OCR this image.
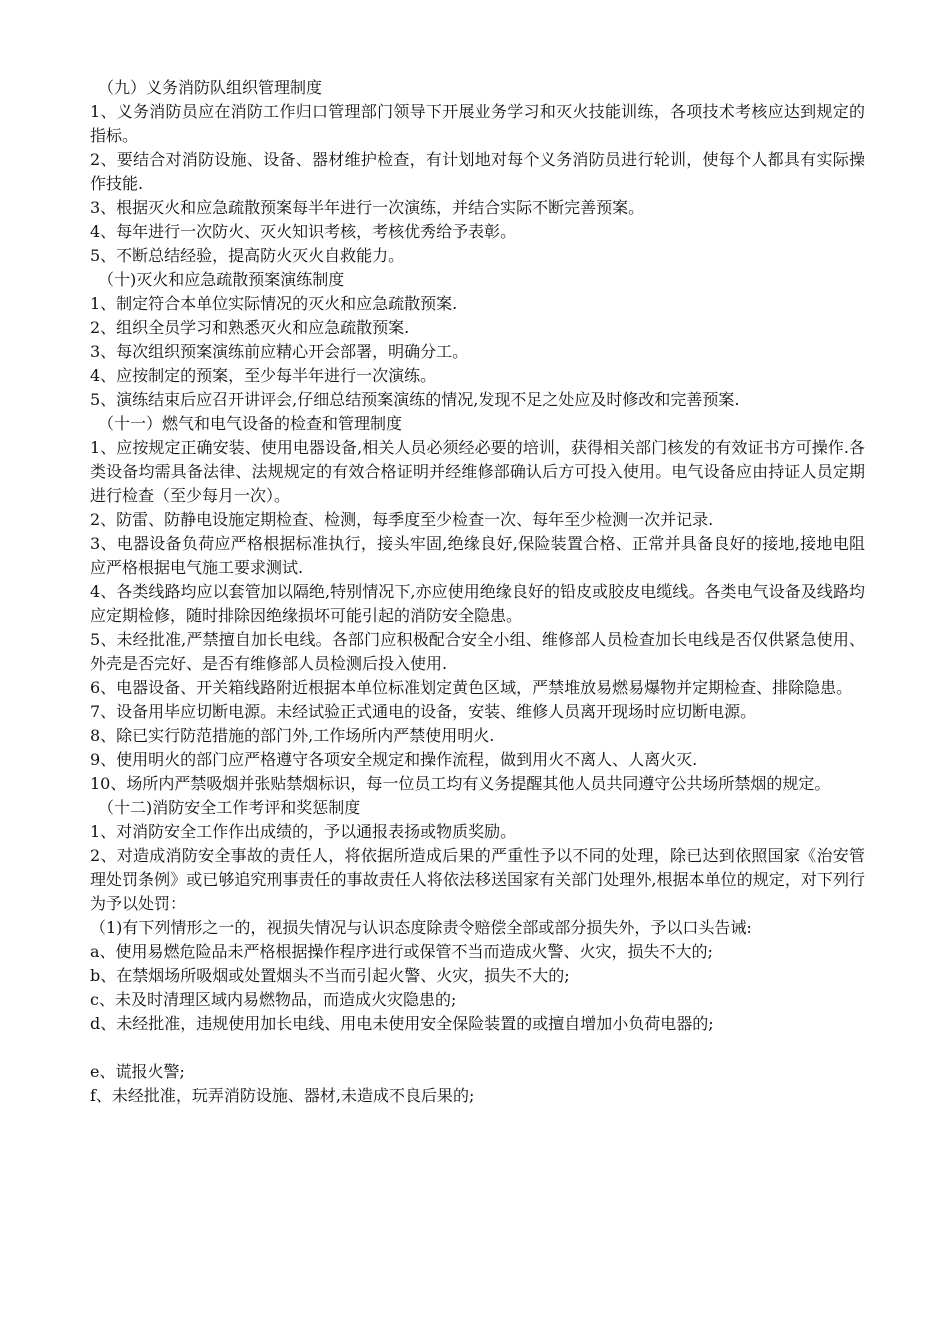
（九）义务消防队组织管理制度

1、义务消防员应在消防工作归口管理部门领导下开展业务学习和灭火技能训练，各项技术考核应达到规定的指标。

2、要结合对消防设施、设备、器材维护检查，有计划地对每个义务消防员进行轮训，使每个人都具有实际操作技能.

3、根据灭火和应急疏散预案每半年进行一次演练，并结合实际不断完善预案。

4、每年进行一次防火、灭火知识考核，考核优秀给予表彰。

5、不断总结经验，提高防火灭火自救能力。

（十)灭火和应急疏散预案演练制度

1、制定符合本单位实际情况的灭火和应急疏散预案.

2、组织全员学习和熟悉灭火和应急疏散预案.

3、每次组织预案演练前应精心开会部署，明确分工。

4、应按制定的预案，至少每半年进行一次演练。

5、演练结束后应召开讲评会,仔细总结预案演练的情况,发现不足之处应及时修改和完善预案.

（十一）燃气和电气设备的检查和管理制度

1、应按规定正确安装、使用电器设备,相关人员必须经必要的培训，获得相关部门核发的有效证书方可操作.各类设备均需具备法律、法规规定的有效合格证明并经维修部确认后方可投入使用。电气设备应由持证人员定期进行检查（至少每月一次）。

2、防雷、防静电设施定期检查、检测，每季度至少检查一次、每年至少检测一次并记录.

3、电器设备负荷应严格根据标准执行，接头牢固,绝缘良好,保险装置合格、正常并具备良好的接地,接地电阻应严格根据电气施工要求测试.

4、各类线路均应以套管加以隔绝,特别情况下,亦应使用绝缘良好的铅皮或胶皮电缆线。各类电气设备及线路均应定期检修，随时排除因绝缘损坏可能引起的消防安全隐患。

5、未经批准,严禁擅自加长电线。各部门应积极配合安全小组、维修部人员检查加长电线是否仅供紧急使用、外壳是否完好、是否有维修部人员检测后投入使用.

6、电器设备、开关箱线路附近根据本单位标准划定黄色区域，严禁堆放易燃易爆物并定期检查、排除隐患。

7、设备用毕应切断电源。未经试验正式通电的设备，安装、维修人员离开现场时应切断电源。

8、除已实行防范措施的部门外,工作场所内严禁使用明火.

9、使用明火的部门应严格遵守各项安全规定和操作流程，做到用火不离人、人离火灭.

10、场所内严禁吸烟并张贴禁烟标识，每一位员工均有义务提醒其他人员共同遵守公共场所禁烟的规定。

（十二)消防安全工作考评和奖惩制度

1、对消防安全工作作出成绩的，予以通报表扬或物质奖励。

2、对造成消防安全事故的责任人，将依据所造成后果的严重性予以不同的处理，除已达到依照国家《治安管理处罚条例》或已够追究刑事责任的事故责任人将依法移送国家有关部门处理外,根据本单位的规定，对下列行为予以处罚：

（1)有下列情形之一的，视损失情况与认识态度除责令赔偿全部或部分损失外，予以口头告诫:

a、使用易燃危险品未严格根据操作程序进行或保管不当而造成火警、火灾，损失不大的;

b、在禁烟场所吸烟或处置烟头不当而引起火警、火灾，损失不大的;

c、未及时清理区域内易燃物品，而造成火灾隐患的;

d、未经批准，违规使用加长电线、用电未使用安全保险装置的或擅自增加小负荷电器的;

e、谎报火警;

f、未经批准，玩弄消防设施、器材,未造成不良后果的;
